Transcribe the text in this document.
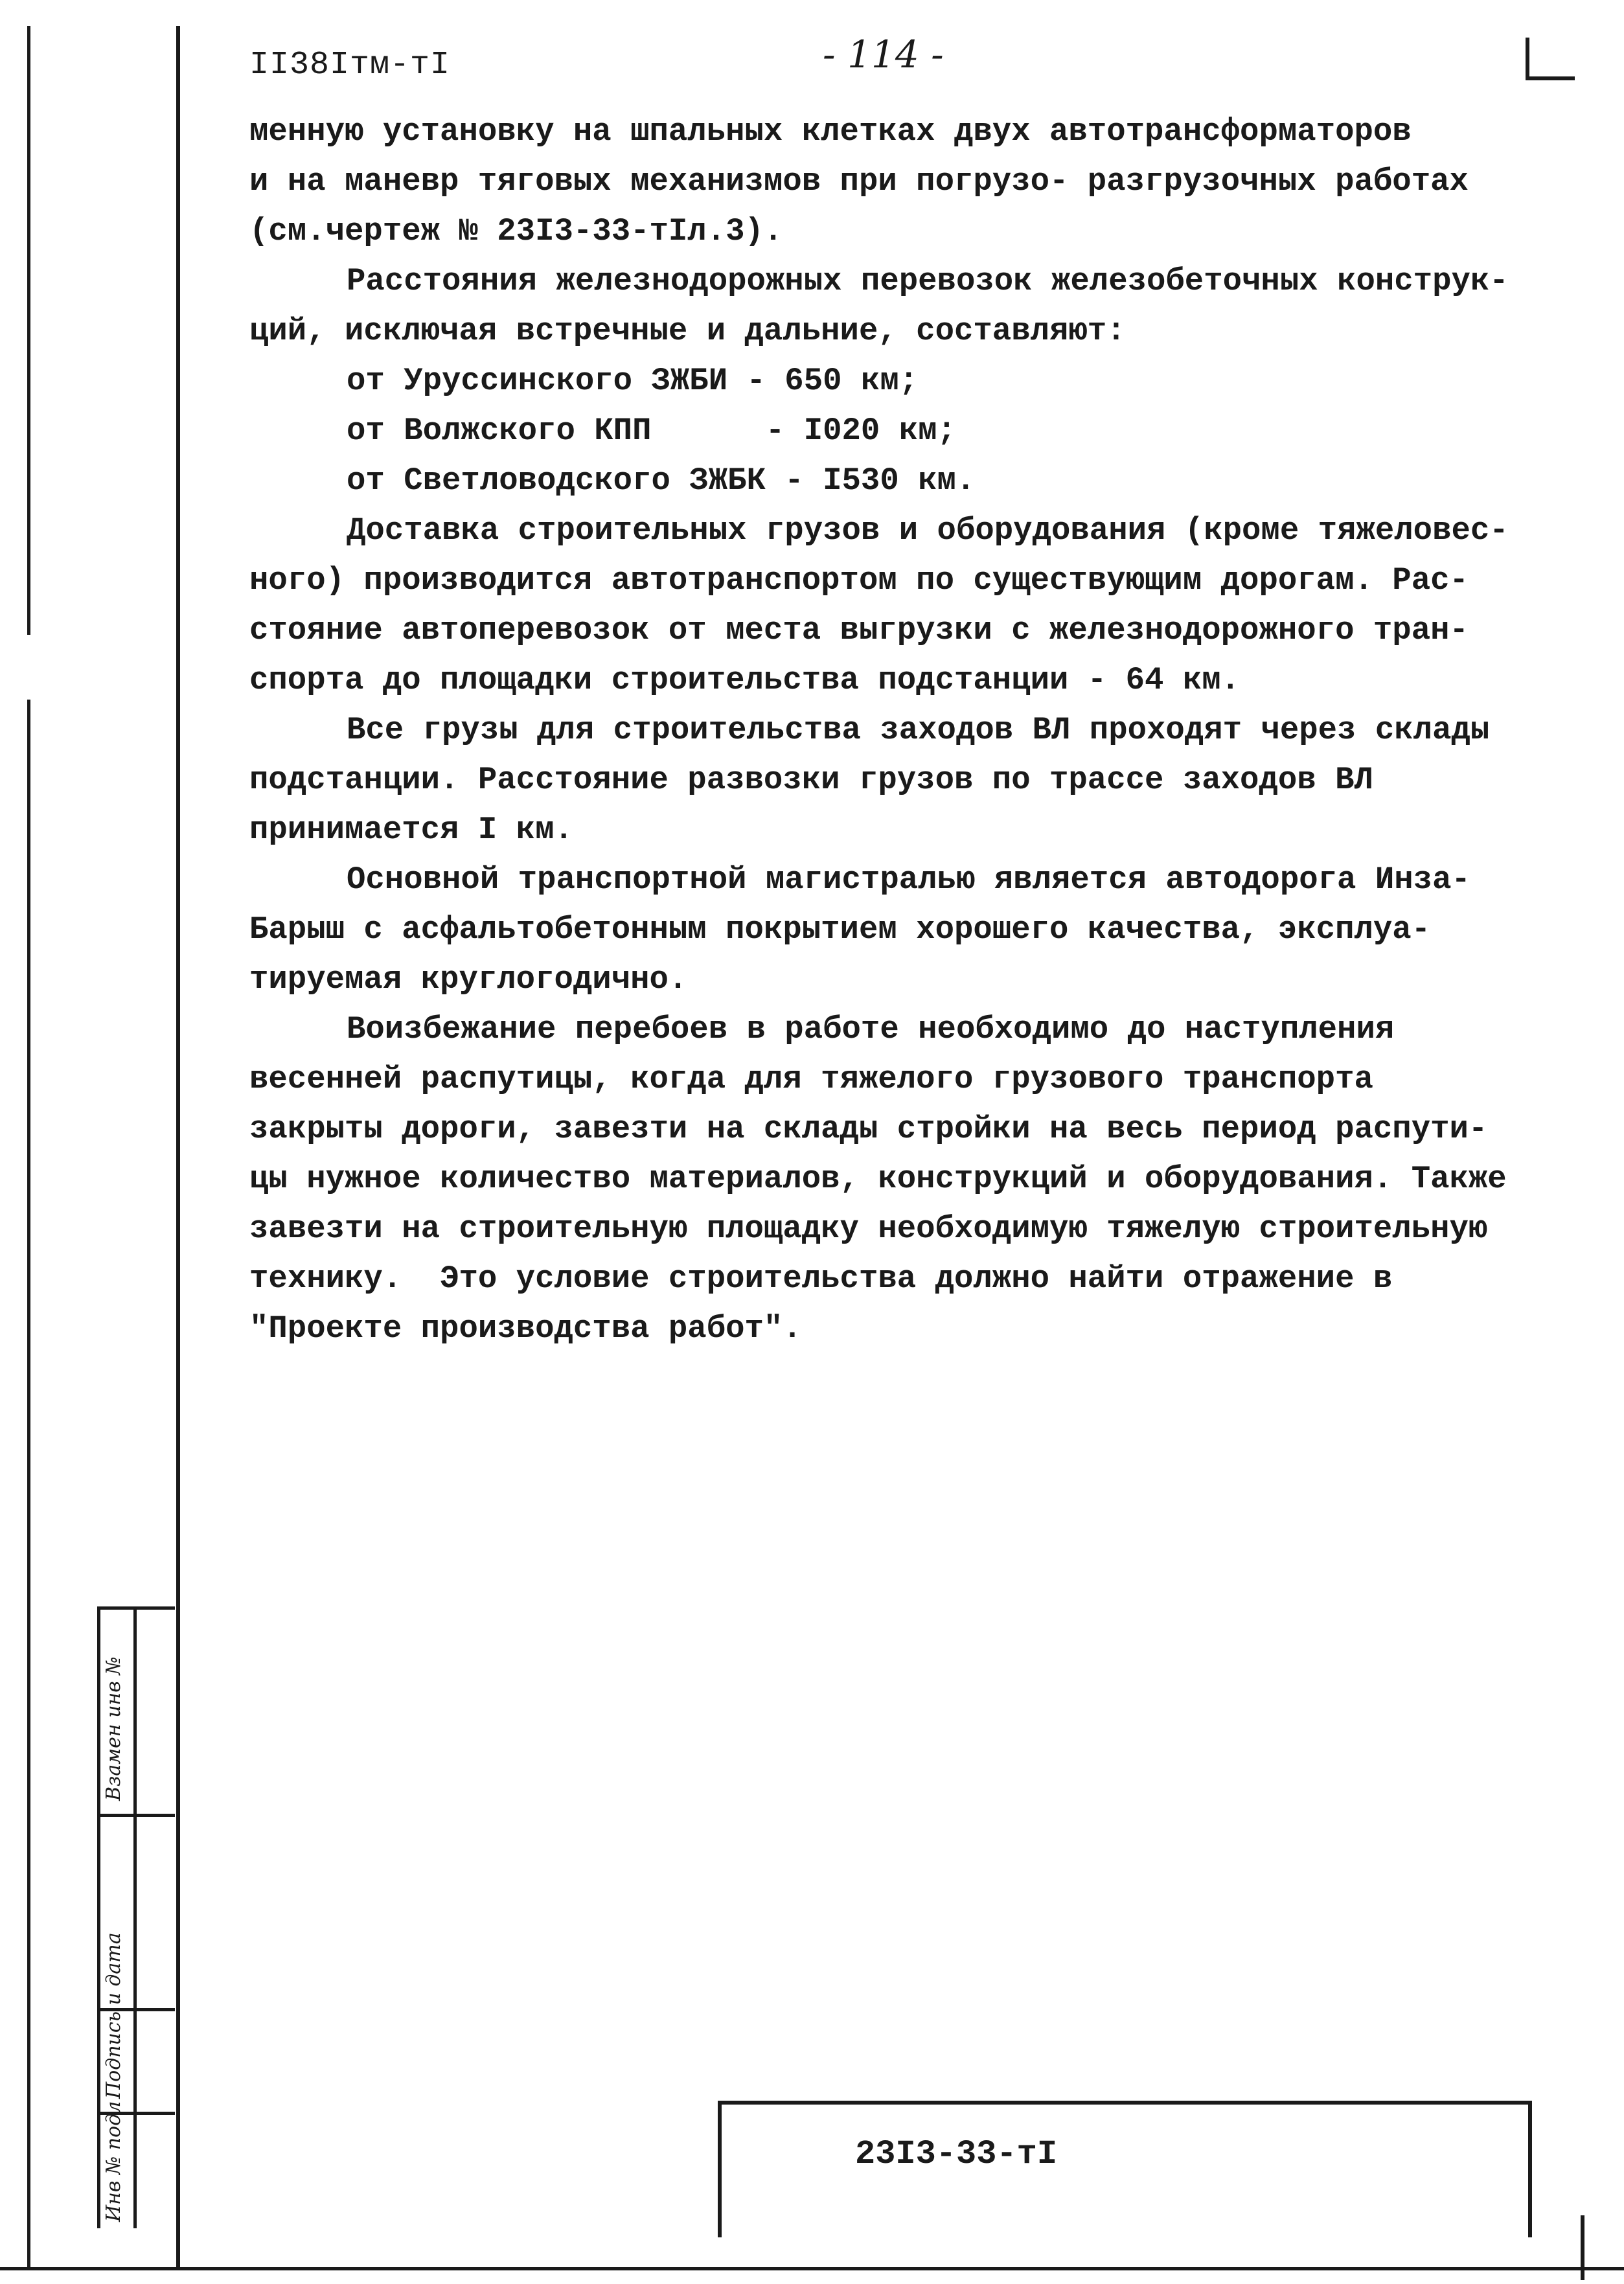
II38Iтм-тI	- 114 -
менную установку на шпальных клетках двух автотрансформаторов
и на маневр тяговых механизмов при погрузо- разгрузочных работах
(см.чертеж № 23I3-33-тIл.3).
Расстояния железнодорожных перевозок железобеточных конструк-
ций, исключая встречные и дальние, составляют:
от Уруссинского ЗЖБИ - 650 км;
от Волжского КПП      - I020 км;
от Светловодского ЗЖБК - I530 км.
Доставка строительных грузов и оборудования (кроме тяжеловес-
ного) производится автотранспортом по существующим дорогам. Рас-
стояние автоперевозок от места выгрузки с железнодорожного тран-
спорта до площадки строительства подстанции - 64 км.
Все грузы для строительства заходов ВЛ проходят через склады
подстанции. Расстояние развозки грузов по трассе заходов ВЛ
принимается I км.
Основной транспортной магистралью является автодорога Инза-
Барыш с асфальтобетонным покрытием хорошего качества, эксплуа-
тируемая круглогодично.
Воизбежание перебоев в работе необходимо до наступления
весенней распутицы, когда для тяжелого грузового транспорта
закрыты дороги, завезти на склады стройки на весь период распути-
цы нужное количество материалов, конструкций и оборудования. Также
завезти на строительную площадку необходимую тяжелую строительную
технику.  Это условие строительства должно найти отражение в
"Проекте производства работ".
Взамен инв №
Подпись и дата
Инв № подл	23I3-33-тI
